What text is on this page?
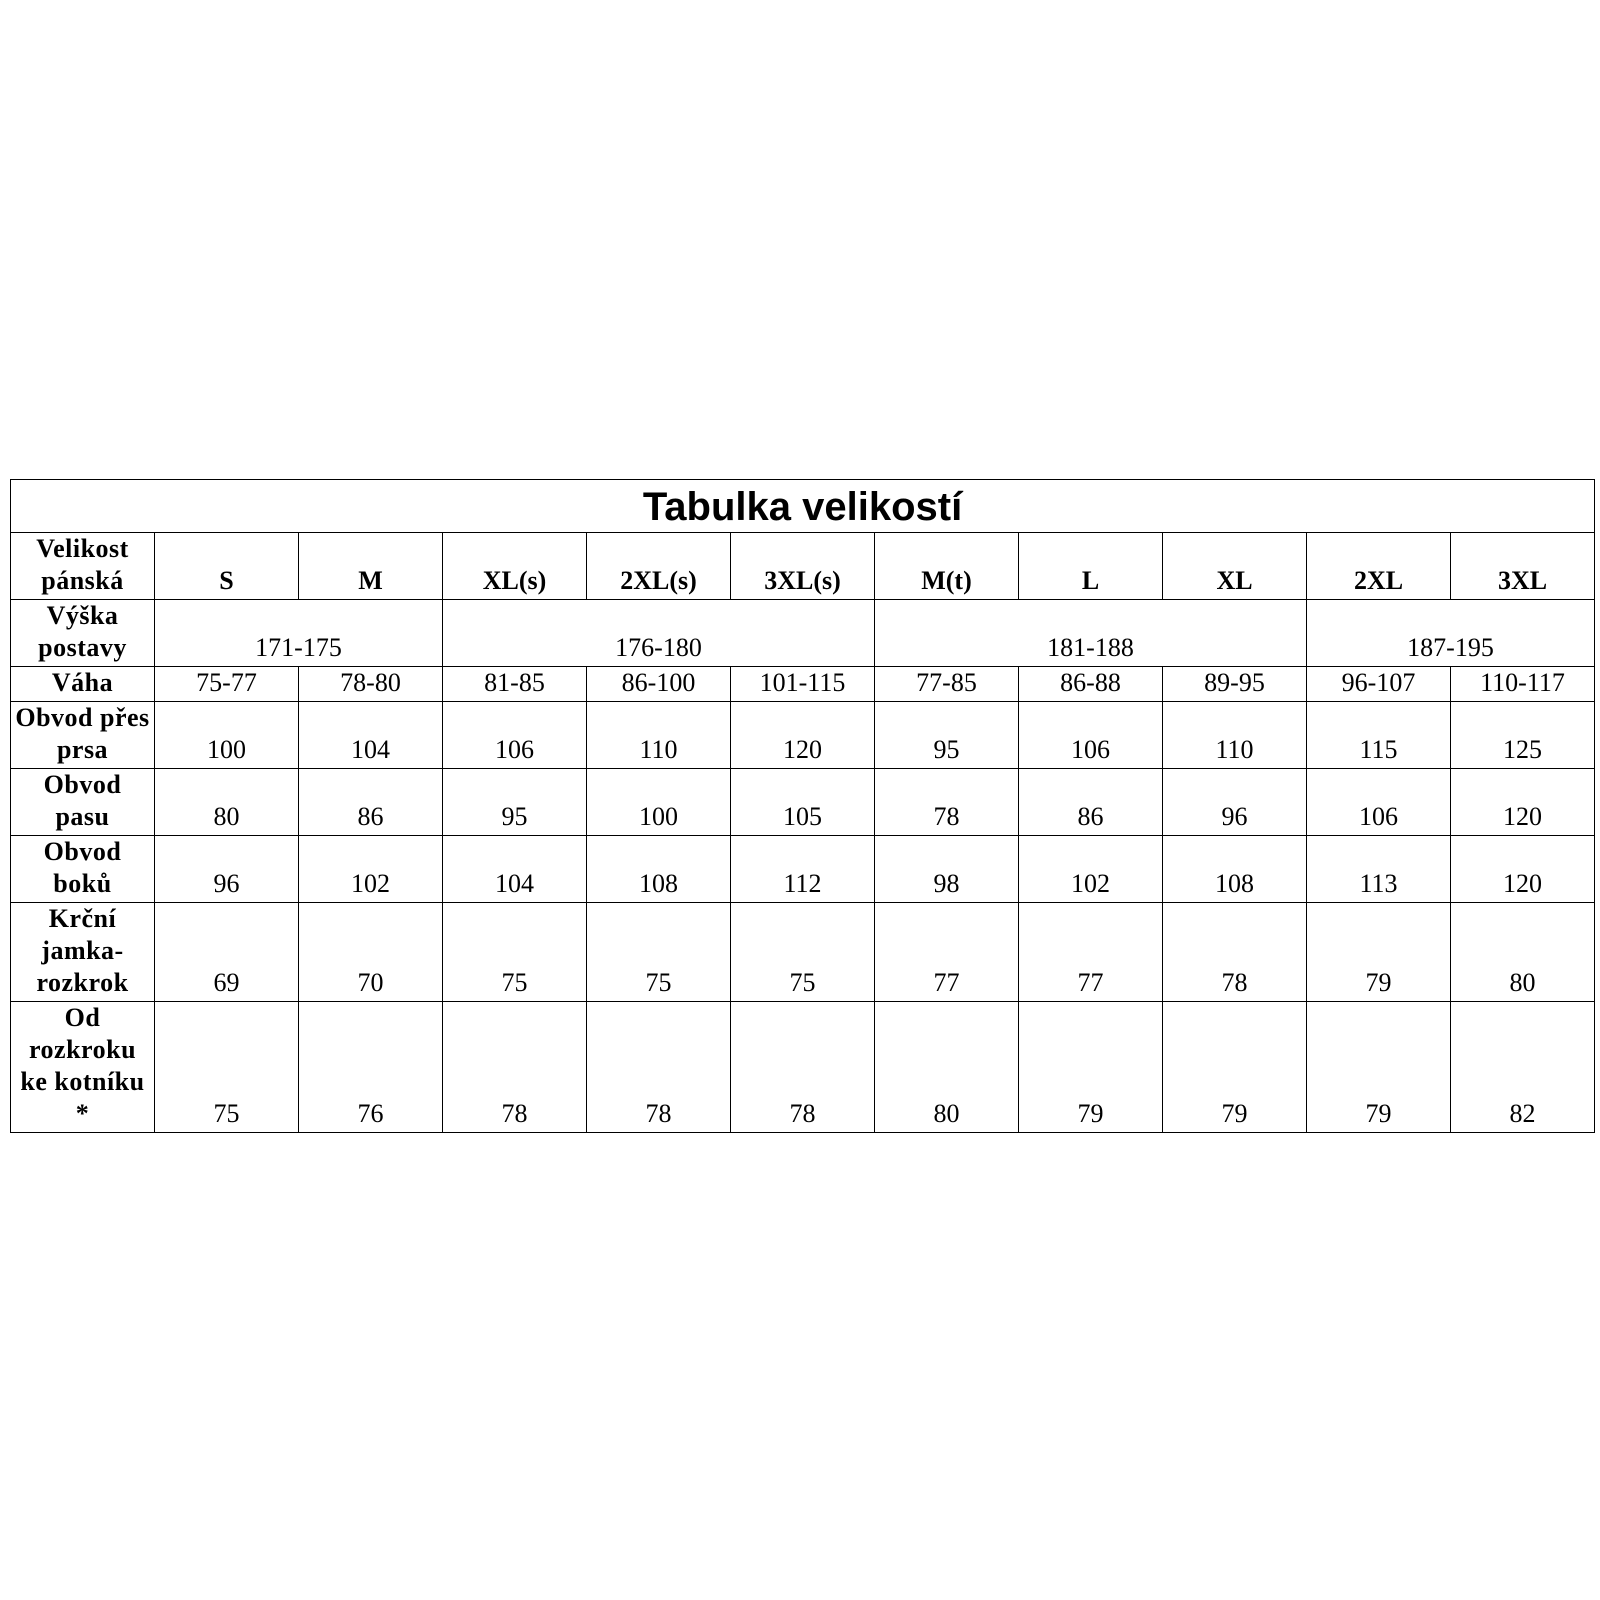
Tabulka velikostí										
Velikost pánská	S	M	XL(s)	2XL(s)	3XL(s)	M(t)	L	XL	2XL	3XL
Výška postavy	171-175		176-180			181-188			187-195	
Váha	75-77	78-80	81-85	86-100	101-115	77-85	86-88	89-95	96-107	110-117
Obvod přes prsa	100	104	106	110	120	95	106	110	115	125
Obvod pasu	80	86	95	100	105	78	86	96	106	120
Obvod boků	96	102	104	108	112	98	102	108	113	120
Krční jamka-rozkrok	69	70	75	75	75	77	77	78	79	80
Od rozkroku ke kotníku *	75	76	78	78	78	80	79	79	79	82
